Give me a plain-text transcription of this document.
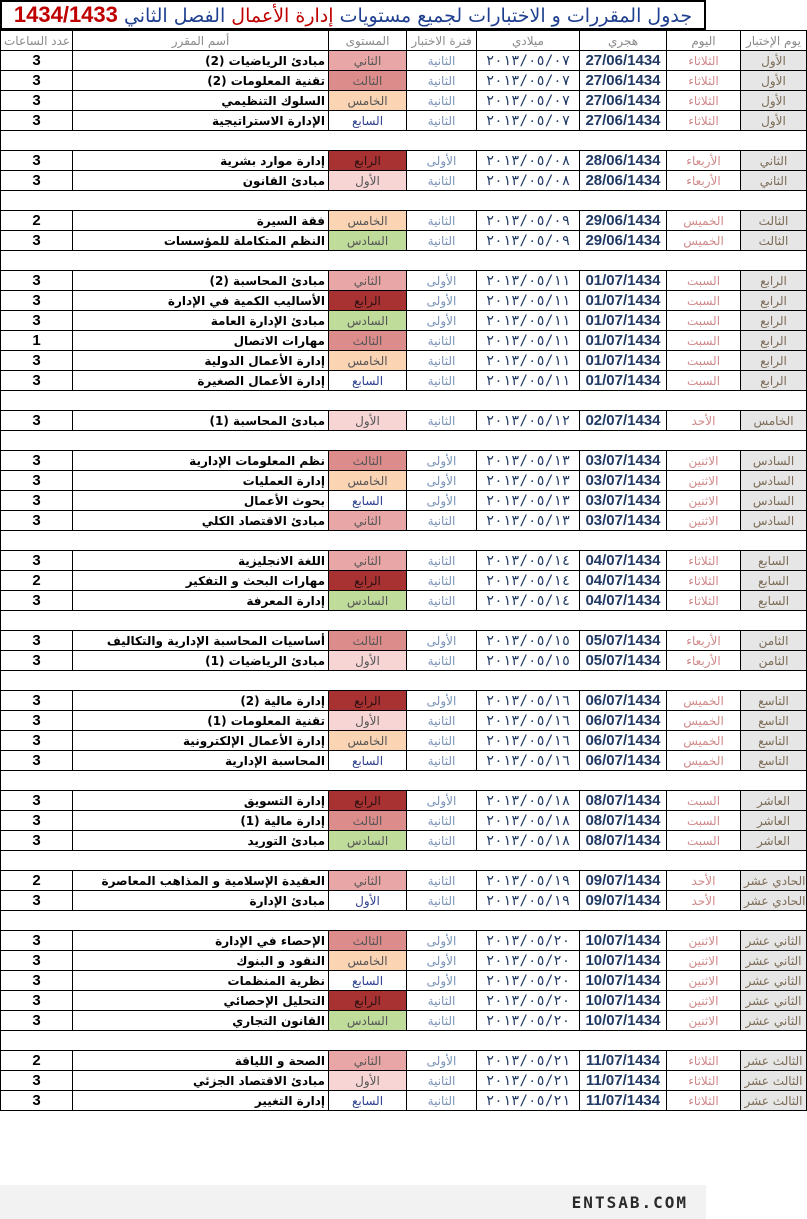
جدول المقررات و الاختبارات لجميع مستويات إدارة الأعمال الفصل الثاني 1434/1433
عدد الساعات	أسم المقرر	المستوى	فترة الاختبار	ميلادي	هجري	اليوم	يوم الإختبار
3	مبادئ الرياضيات (2)	الثاني	الثانية	٢٠١٣/٠٥/٠٧	27/06/1434	الثلاثاء	الأول
3	تقنية المعلومات (2)	الثالث	الثانية	٢٠١٣/٠٥/٠٧	27/06/1434	الثلاثاء	الأول
3	السلوك التنظيمي	الخامس	الثانية	٢٠١٣/٠٥/٠٧	27/06/1434	الثلاثاء	الأول
3	الإدارة الاستراتيجية	السابع	الثانية	٢٠١٣/٠٥/٠٧	27/06/1434	الثلاثاء	الأول

3	إدارة موارد بشرية	الرابع	الأولى	٢٠١٣/٠٥/٠٨	28/06/1434	الأربعاء	الثاني
3	مبادئ القانون	الأول	الثانية	٢٠١٣/٠٥/٠٨	28/06/1434	الأربعاء	الثاني

2	فقة السيرة	الخامس	الثانية	٢٠١٣/٠٥/٠٩	29/06/1434	الخميس	الثالث
3	النظم المتكاملة للمؤسسات	السادس	الثانية	٢٠١٣/٠٥/٠٩	29/06/1434	الخميس	الثالث

3	مبادئ المحاسبة (2)	الثاني	الأولى	٢٠١٣/٠٥/١١	01/07/1434	السبت	الرابع
3	الأساليب الكمية في الإدارة	الرابع	الأولى	٢٠١٣/٠٥/١١	01/07/1434	السبت	الرابع
3	مبادئ الإدارة العامة	السادس	الأولى	٢٠١٣/٠٥/١١	01/07/1434	السبت	الرابع
1	مهارات الاتصال	الثالث	الثانية	٢٠١٣/٠٥/١١	01/07/1434	السبت	الرابع
3	إدارة الأعمال الدولية	الخامس	الثانية	٢٠١٣/٠٥/١١	01/07/1434	السبت	الرابع
3	إدارة الأعمال الصغيرة	السابع	الثانية	٢٠١٣/٠٥/١١	01/07/1434	السبت	الرابع

3	مبادئ المحاسبة (1)	الأول	الثانية	٢٠١٣/٠٥/١٢	02/07/1434	الأحد	الخامس

3	نظم المعلومات الإدارية	الثالث	الأولى	٢٠١٣/٠٥/١٣	03/07/1434	الاثنين	السادس
3	إدارة العمليات	الخامس	الأولى	٢٠١٣/٠٥/١٣	03/07/1434	الاثنين	السادس
3	بحوث الأعمال	السابع	الأولى	٢٠١٣/٠٥/١٣	03/07/1434	الاثنين	السادس
3	مبادئ الاقتصاد الكلي	الثاني	الثانية	٢٠١٣/٠٥/١٣	03/07/1434	الاثنين	السادس

3	اللغة الانجليزية	الثاني	الثانية	٢٠١٣/٠٥/١٤	04/07/1434	الثلاثاء	السابع
2	مهارات البحث و التفكير	الرابع	الثانية	٢٠١٣/٠٥/١٤	04/07/1434	الثلاثاء	السابع
3	إدارة المعرفة	السادس	الثانية	٢٠١٣/٠٥/١٤	04/07/1434	الثلاثاء	السابع

3	أساسيات المحاسبة الإدارية والتكاليف	الثالث	الأولى	٢٠١٣/٠٥/١٥	05/07/1434	الأربعاء	الثامن
3	مبادئ الرياضيات (1)	الأول	الثانية	٢٠١٣/٠٥/١٥	05/07/1434	الأربعاء	الثامن

3	إدارة مالية (2)	الرابع	الأولى	٢٠١٣/٠٥/١٦	06/07/1434	الخميس	التاسع
3	تقنية المعلومات (1)	الأول	الثانية	٢٠١٣/٠٥/١٦	06/07/1434	الخميس	التاسع
3	إدارة الأعمال الإلكترونية	الخامس	الثانية	٢٠١٣/٠٥/١٦	06/07/1434	الخميس	التاسع
3	المحاسبة الإدارية	السابع	الثانية	٢٠١٣/٠٥/١٦	06/07/1434	الخميس	التاسع

3	إدارة التسويق	الرابع	الأولى	٢٠١٣/٠٥/١٨	08/07/1434	السبت	العاشر
3	إدارة مالية (1)	الثالث	الثانية	٢٠١٣/٠٥/١٨	08/07/1434	السبت	العاشر
3	مبادئ التوريد	السادس	الثانية	٢٠١٣/٠٥/١٨	08/07/1434	السبت	العاشر

2	العقيدة الإسلامية و المذاهب المعاصرة	الثاني	الثانية	٢٠١٣/٠٥/١٩	09/07/1434	الأحد	الحادي عشر
3	مبادئ الإدارة	الأول	الثانية	٢٠١٣/٠٥/١٩	09/07/1434	الأحد	الحادي عشر

3	الإحصاء في الإدارة	الثالث	الأولى	٢٠١٣/٠٥/٢٠	10/07/1434	الاثنين	الثاني عشر
3	النقود و البنوك	الخامس	الأولى	٢٠١٣/٠٥/٢٠	10/07/1434	الاثنين	الثاني عشر
3	نظرية المنظمات	السابع	الأولى	٢٠١٣/٠٥/٢٠	10/07/1434	الاثنين	الثاني عشر
3	التحليل الإحصائي	الرابع	الثانية	٢٠١٣/٠٥/٢٠	10/07/1434	الاثنين	الثاني عشر
3	القانون التجاري	السادس	الثانية	٢٠١٣/٠٥/٢٠	10/07/1434	الاثنين	الثاني عشر

2	الصحة و اللياقة	الثاني	الأولى	٢٠١٣/٠٥/٢١	11/07/1434	الثلاثاء	الثالث عشر
3	مبادئ الاقتصاد الجزئي	الأول	الثانية	٢٠١٣/٠٥/٢١	11/07/1434	الثلاثاء	الثالث عشر
3	إدارة التغيير	السابع	الثانية	٢٠١٣/٠٥/٢١	11/07/1434	الثلاثاء	الثالث عشر
ENTSAB.COM
